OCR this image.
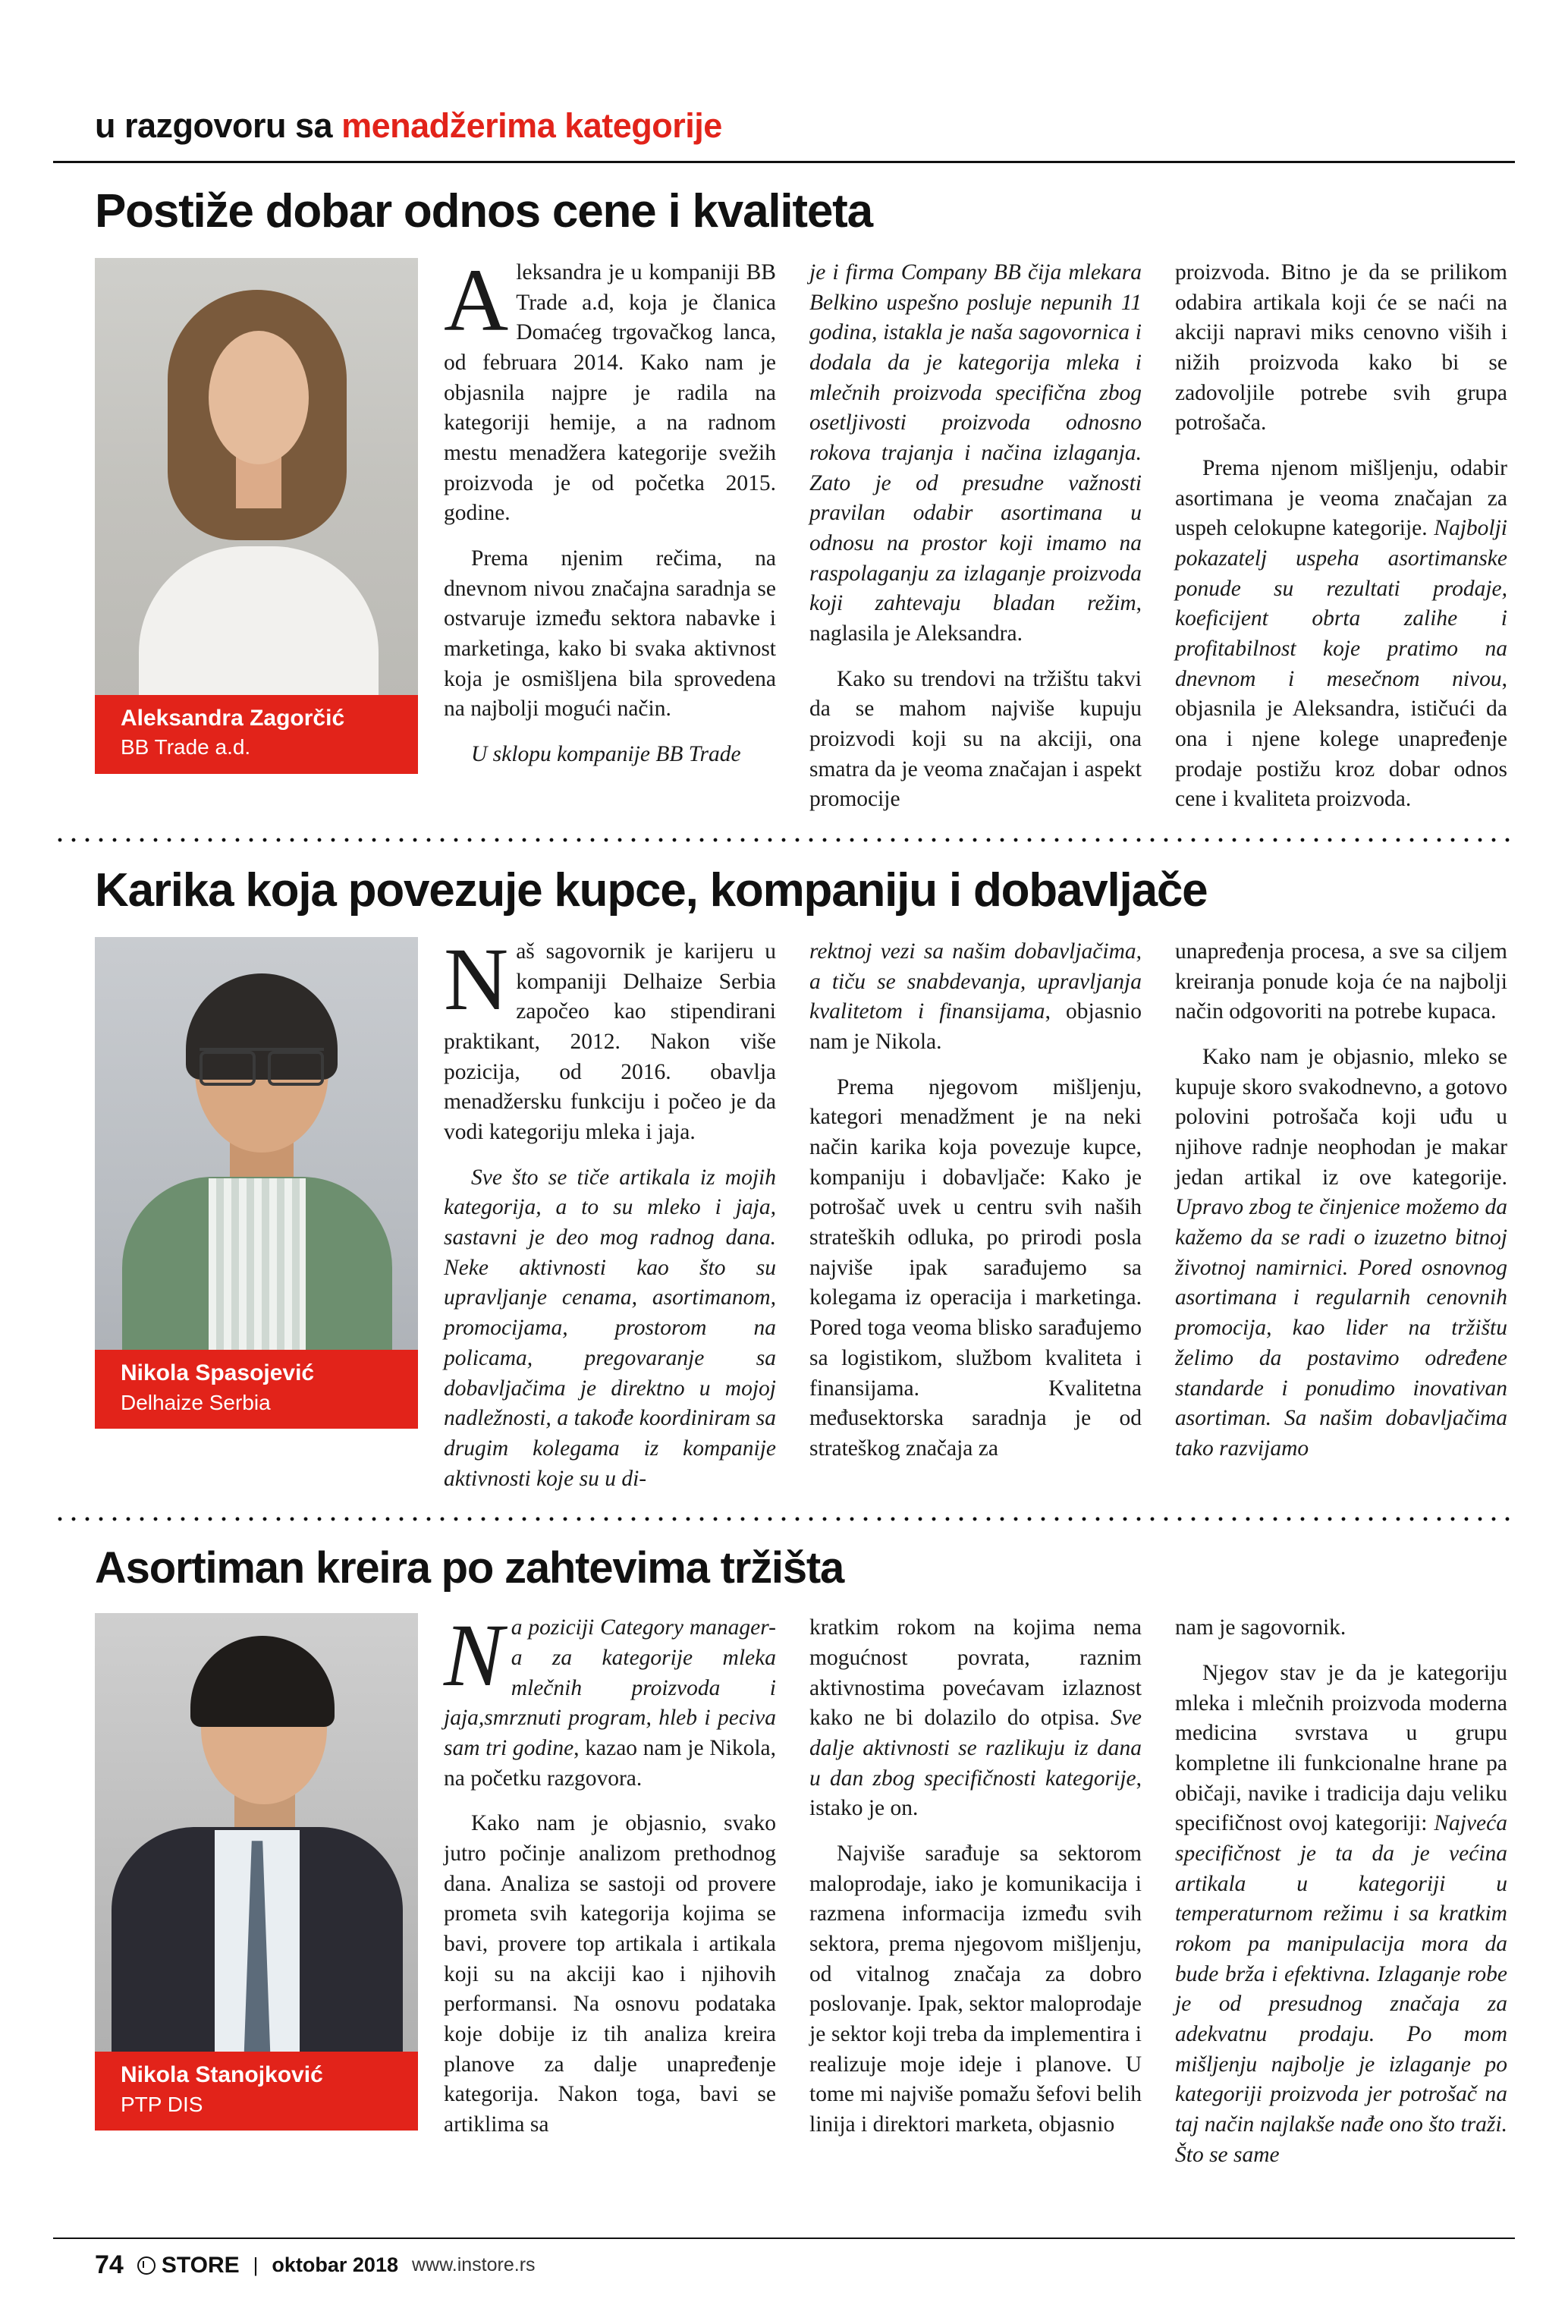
u razgovoru sa menadžerima kategorije
Postiže dobar odnos cene i kvaliteta
Aleksandra Zagorčić
BB Trade a.d.

Aleksandra je u kompaniji BB Trade a.d, koja je članica Domaćeg trgovačkog lanca, od februara 2014. Kako nam je objasnila najpre je radila na kategoriji hemije, a na radnom mestu menadžera kategorije svežih proizvoda je od početka 2015. godine.

Prema njenim rečima, na dnevnom nivou značajna saradnja se ostvaruje između sektora nabavke i marketinga, kako bi svaka aktivnost koja je osmišljena bila sprovedena na najbolji mogući način.

U sklopu kompanije BB Trade

je i firma Company BB čija mlekara Belkino uspešno posluje nepunih 11 godina, istakla je naša sagovornica i dodala da je kategorija mleka i mlečnih proizvoda specifična zbog osetljivosti proizvoda odnosno rokova trajanja i načina izlaganja. Zato je od presudne važnosti pravilan odabir asortimana u odnosu na prostor koji imamo na raspolaganju za izlaganje proizvoda koji zahtevaju bladan režim, naglasila je Aleksandra.

Kako su trendovi na tržištu takvi da se mahom najviše kupuju proizvodi koji su na akciji, ona smatra da je veoma značajan i aspekt promocije

proizvoda. Bitno je da se prilikom odabira artikala koji će se naći na akciji napravi miks cenovno viših i nižih proizvoda kako bi se zadovoljile potrebe svih grupa potrošača.

Prema njenom mišljenju, odabir asortimana je veoma značajan za uspeh celokupne kategorije. Najbolji pokazatelj uspeha asortimanske ponude su rezultati prodaje, koeficijent obrta zalihe i profitabilnost koje pratimo na dnevnom i mesečnom nivou, objasnila je Aleksandra, ističući da ona i njene kolege unapređenje prodaje postižu kroz dobar odnos cene i kvaliteta proizvoda.

Karika koja povezuje kupce, kompaniju i dobavljače
Nikola Spasojević
Delhaize Serbia

Naš sagovornik je karijeru u kompaniji Delhaize Serbia započeo kao stipendirani praktikant, 2012. Nakon više pozicija, od 2016. obavlja menadžersku funkciju i počeo je da vodi kategoriju mleka i jaja.

Sve što se tiče artikala iz mojih kategorija, a to su mleko i jaja, sastavni je deo mog radnog dana. Neke aktivnosti kao što su upravljanje cenama, asortimanom, promocijama, prostorom na policama, pregovaranje sa dobavljačima je direktno u mojoj nadležnosti, a takođe koordiniram sa drugim kolegama iz kompanije aktivnosti koje su u di-

rektnoj vezi sa našim dobavljačima, a tiču se snabdevanja, upravljanja kvalitetom i finansijama, objasnio nam je Nikola.

Prema njegovom mišljenju, kategori menadžment je na neki način karika koja povezuje kupce, kompaniju i dobavljače: Kako je potrošač uvek u centru svih naših strateških odluka, po prirodi posla najviše ipak sarađujemo sa kolegama iz operacija i marketinga. Pored toga veoma blisko sarađujemo sa logistikom, službom kvaliteta i finansijama. Kvalitetna međusektorska saradnja je od strateškog značaja za

unapređenja procesa, a sve sa ciljem kreiranja ponude koja će na najbolji način odgovoriti na potrebe kupaca.

Kako nam je objasnio, mleko se kupuje skoro svakodnevno, a gotovo polovini potrošača koji uđu u njihove radnje neophodan je makar jedan artikal iz ove kategorije. Upravo zbog te činjenice možemo da kažemo da se radi o izuzetno bitnoj životnoj namirnici. Pored osnovnog asortimana i regularnih cenovnih promocija, kao lider na tržištu želimo da postavimo određene standarde i ponudimo inovativan asortiman. Sa našim dobavljačima tako razvijamo

Asortiman kreira po zahtevima tržišta
Nikola Stanojković
PTP DIS

Na poziciji Category manager-a za kategorije mleka mlečnih proizvoda i jaja,smrznuti program, hleb i peciva sam tri godine, kazao nam je Nikola, na početku razgovora.

Kako nam je objasnio, svako jutro počinje analizom prethodnog dana. Analiza se sastoji od provere prometa svih kategorija kojima se bavi, provere top artikala i artikala koji su na akciji kao i njihovih performansi. Na osnovu podataka koje dobije iz tih analiza kreira planove za dalje unapređenje kategorija. Nakon toga, bavi se artiklima sa

kratkim rokom na kojima nema mogućnost povrata, raznim aktivnostima povećavam izlaznost kako ne bi dolazilo do otpisa. Sve dalje aktivnosti se razlikuju iz dana u dan zbog specifičnosti kategorije, istako je on.

Najviše sarađuje sa sektorom maloprodaje, iako je komunikacija i razmena informacija između svih sektora, prema njegovom mišljenju, od vitalnog značaja za dobro poslovanje. Ipak, sektor maloprodaje je sektor koji treba da implementira i realizuje moje ideje i planove. U tome mi najviše pomažu šefovi belih linija i direktori marketa, objasnio

nam je sagovornik.

Njegov stav je da je kategoriju mleka i mlečnih proizvoda moderna medicina svrstava u grupu kompletne ili funkcionalne hrane pa običaji, navike i tradicija daju veliku specifičnost ovoj kategoriji: Najveća specifičnost je ta da je većina artikala u kategoriji u temperaturnom režimu i sa kratkim rokom pa manipulacija mora da bude brža i efektivna. Izlaganje robe je od presudnog značaja za adekvatnu prodaju. Po mom mišljenju najbolje je izlaganje po kategoriji proizvoda jer potrošač na taj način najlakše nađe ono što traži. Što se same

74 STORE | oktobar 2018 www.instore.rs
